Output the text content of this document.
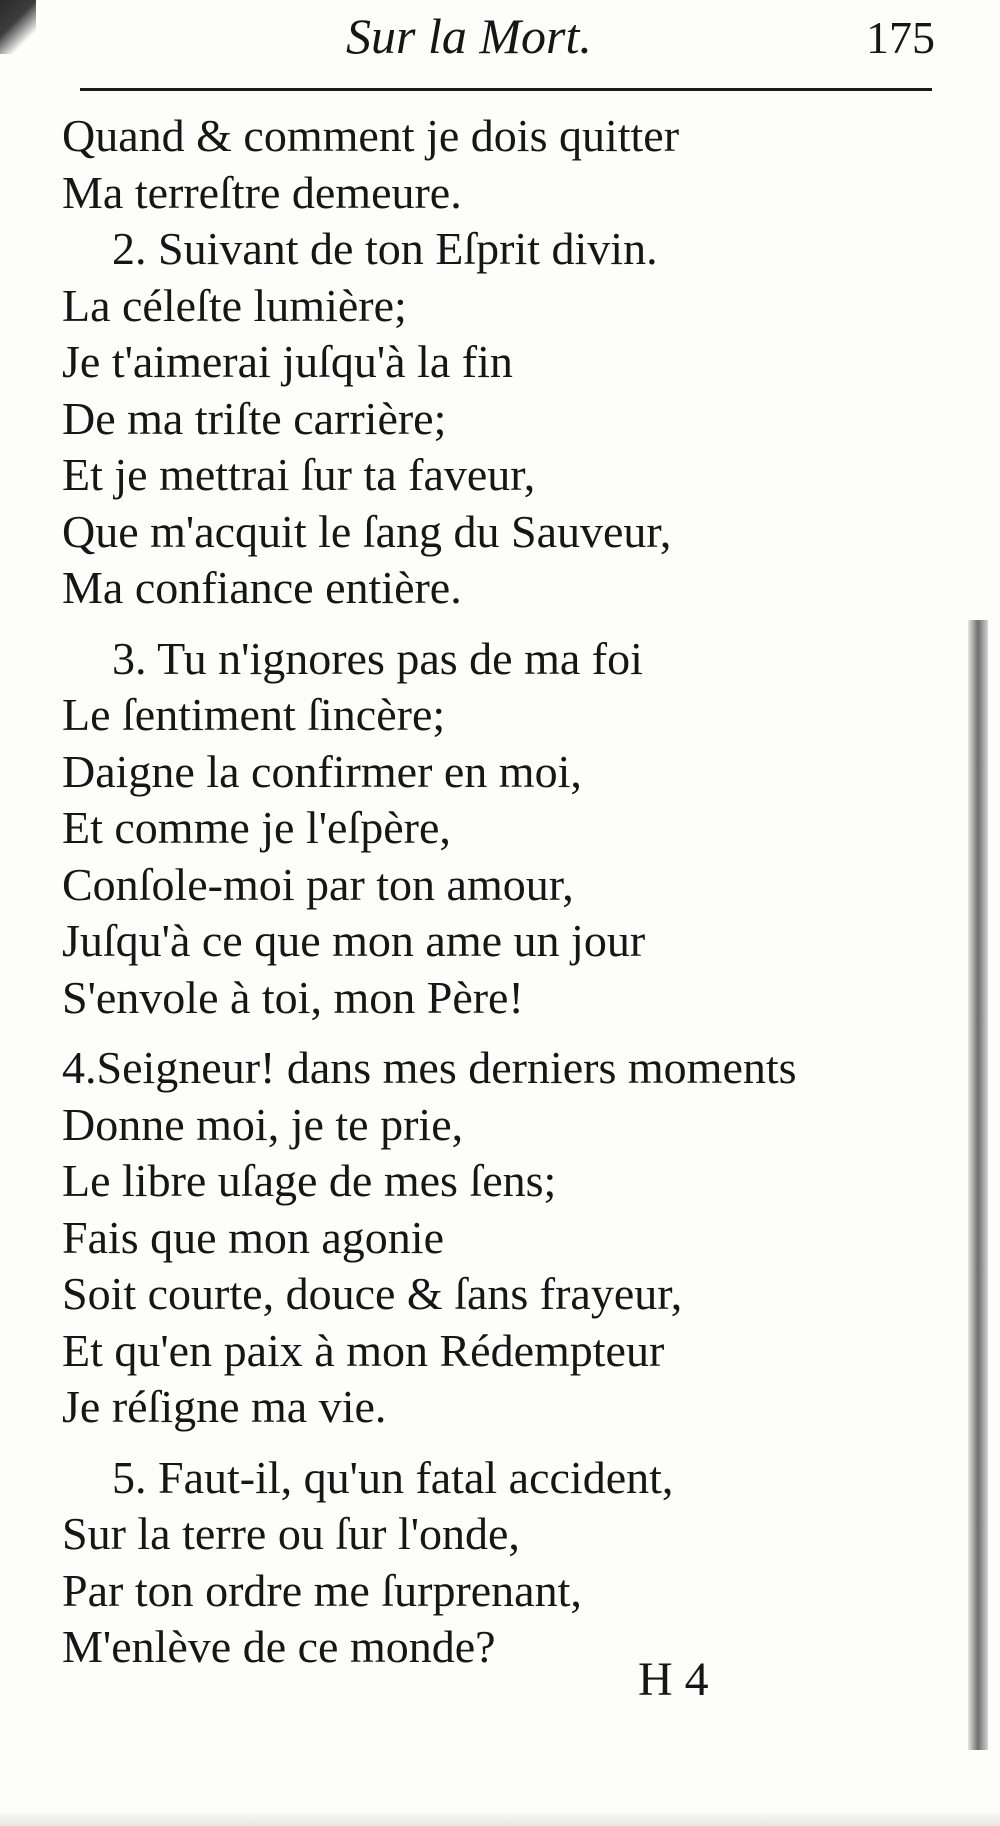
Sur la Mort.	175
Quand & comment je dois quitter
Ma terreſtre demeure.
2. Suivant de ton Eſprit divin.
La céleſte lumière;
Je t'aimerai juſqu'à la fin
De ma triſte carrière;
Et je mettrai ſur ta faveur,
Que m'acquit le ſang du Sauveur,
Ma confiance entière.
3. Tu n'ignores pas de ma foi
Le ſentiment ſincère;
Daigne la confirmer en moi,
Et comme je l'eſpère,
Conſole-moi par ton amour,
Juſqu'à ce que mon ame un jour
S'envole à toi, mon Père!
4.Seigneur! dans mes derniers moments
Donne moi, je te prie,
Le libre uſage de mes ſens;
Fais que mon agonie
Soit courte, douce & ſans frayeur,
Et qu'en paix à mon Rédempteur
Je réſigne ma vie.
5. Faut-il, qu'un fatal accident,
Sur la terre ou ſur l'onde,
Par ton ordre me ſurprenant,
M'enlève de ce monde?
H 4
